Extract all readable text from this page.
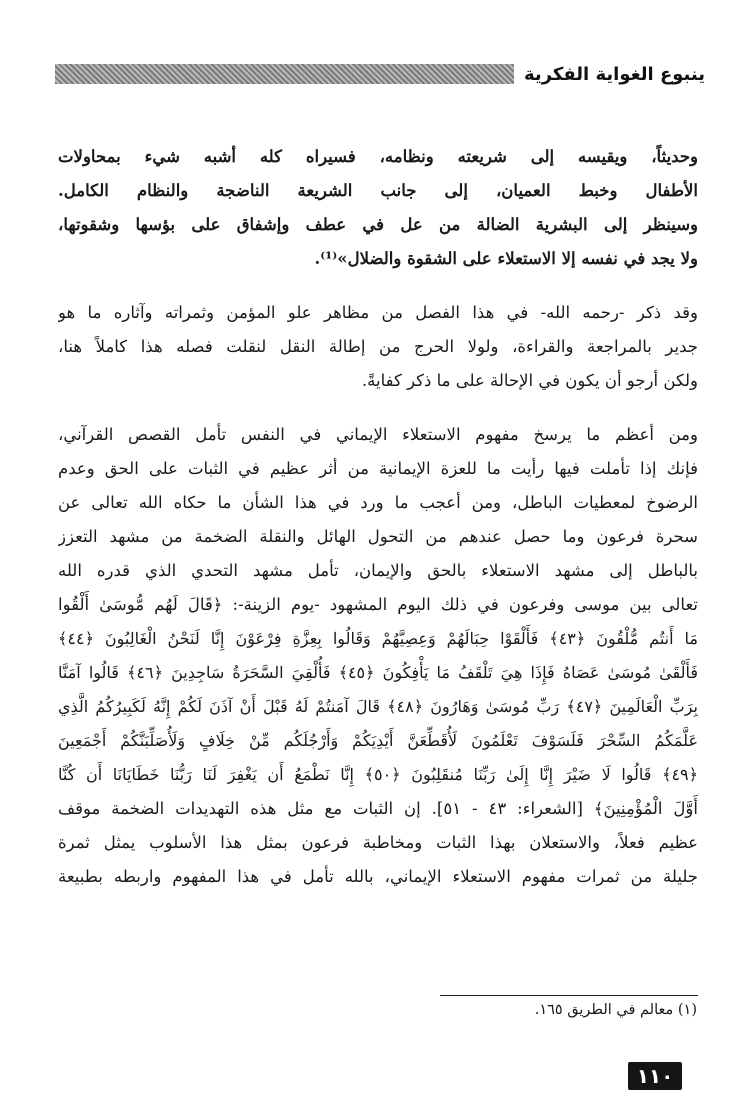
ينبوع الغواية الفكرية
وحديثاً، ويقيسه إلى شريعته ونظامه، فسيراه كله أشبه شيء بمحاولات
الأطفال وخبط العميان، إلى جانب الشريعة الناضجة والنظام الكامل.
وسينظر إلى البشرية الضالة من عل في عطف وإشفاق على بؤسها وشقوتها،
ولا يجد في نفسه إلا الاستعلاء على الشقوة والضلال»⁽¹⁾.
وقد ذكر -رحمه الله- في هذا الفصل من مظاهر علو المؤمن وثمراته وآثاره ما هو
جدير بالمراجعة والقراءة، ولولا الحرج من إطالة النقل لنقلت فصله هذا كاملاً هنا،
ولكن أرجو أن يكون في الإحالة على ما ذكر كفايةً.
ومن أعظم ما يرسخ مفهوم الاستعلاء الإيماني في النفس تأمل القصص القرآني،
فإنك إذا تأملت فيها رأيت ما للعزة الإيمانية من أثر عظيم في الثبات على الحق وعدم
الرضوخ لمعطيات الباطل، ومن أعجب ما ورد في هذا الشأن ما حكاه الله تعالى عن
سحرة فرعون وما حصل عندهم من التحول الهائل والنقلة الضخمة من مشهد التعزز
بالباطل إلى مشهد الاستعلاء بالحق والإيمان، تأمل مشهد التحدي الذي قدره الله
تعالى بين موسى وفرعون في ذلك اليوم المشهود -يوم الزينة-: ﴿قَالَ لَهُم مُّوسَىٰ أَلْقُوا
مَا أَنتُم مُّلْقُونَ ﴿٤٣﴾ فَأَلْقَوْا حِبَالَهُمْ وَعِصِيَّهُمْ وَقَالُوا بِعِزَّةِ فِرْعَوْنَ إِنَّا لَنَحْنُ الْغَالِبُونَ ﴿٤٤﴾
فَأَلْقَىٰ مُوسَىٰ عَصَاهُ فَإِذَا هِيَ تَلْقَفُ مَا يَأْفِكُونَ ﴿٤٥﴾ فَأُلْقِيَ السَّحَرَةُ سَاجِدِينَ ﴿٤٦﴾ قَالُوا آمَنَّا
بِرَبِّ الْعَالَمِينَ ﴿٤٧﴾ رَبِّ مُوسَىٰ وَهَارُونَ ﴿٤٨﴾ قَالَ آمَنتُمْ لَهُ قَبْلَ أَنْ آذَنَ لَكُمْ إِنَّهُ لَكَبِيرُكُمُ الَّذِي
عَلَّمَكُمُ السِّحْرَ فَلَسَوْفَ تَعْلَمُونَ لَأُقَطِّعَنَّ أَيْدِيَكُمْ وَأَرْجُلَكُم مِّنْ خِلَافٍ وَلَأُصَلِّبَنَّكُمْ أَجْمَعِينَ
﴿٤٩﴾ قَالُوا لَا ضَيْرَ إِنَّا إِلَىٰ رَبِّنَا مُنقَلِبُونَ ﴿٥٠﴾ إِنَّا نَطْمَعُ أَن يَغْفِرَ لَنَا رَبُّنَا خَطَايَانَا أَن كُنَّا
أَوَّلَ الْمُؤْمِنِينَ﴾ [الشعراء: ٤٣ - ٥١]. إن الثبات مع مثل هذه التهديدات الضخمة موقف
عظيم فعلاً، والاستعلان بهذا الثبات ومخاطبة فرعون بمثل هذا الأسلوب يمثل ثمرة
جليلة من ثمرات مفهوم الاستعلاء الإيماني، بالله تأمل في هذا المفهوم واربطه بطبيعة
(١) معالم في الطريق ١٦٥.
١١٠
